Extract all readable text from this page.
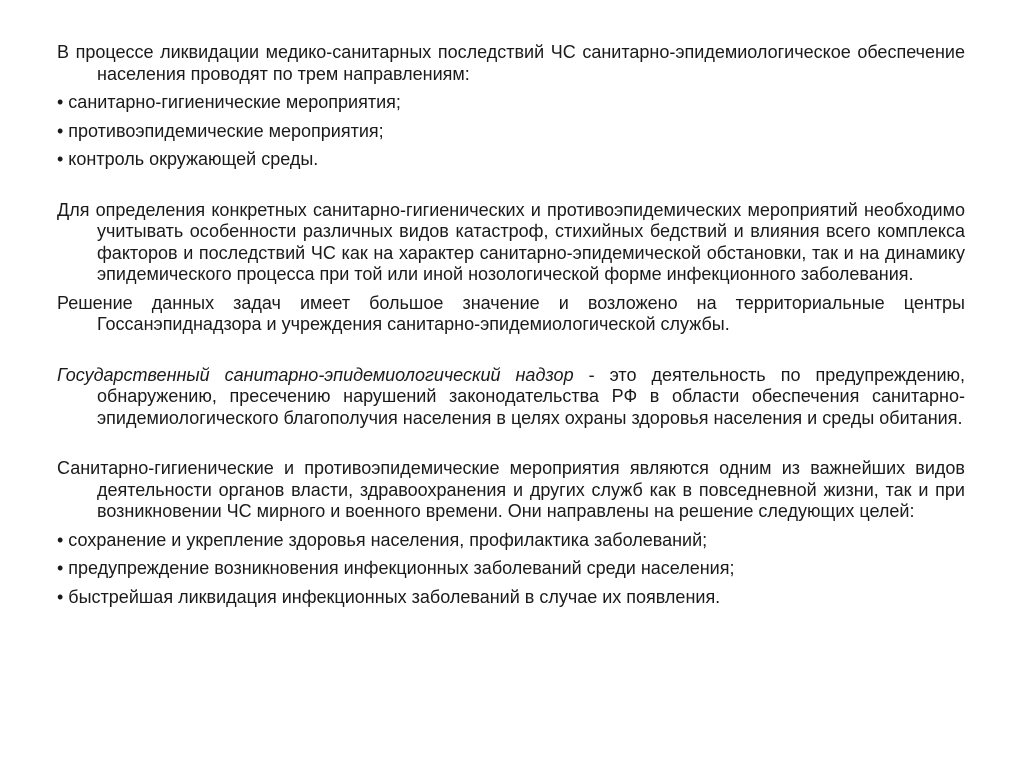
В процессе ликвидации медико-санитарных последствий ЧС санитарно-эпидемиологическое обеспечение населения проводят по трем направлениям:

• санитарно-гигиенические мероприятия;

• противоэпидемические мероприятия;

• контроль окружающей среды.

Для определения конкретных санитарно-гигиенических и противоэпидемических мероприятий необходимо учитывать особенности различных видов катастроф, стихийных бедствий и влияния всего комплекса факторов и последствий ЧС как на характер санитарно-эпидемической обстановки, так и на динамику эпидемического процесса при той или иной нозологической форме инфекционного заболевания.

Решение данных задач имеет большое значение и возложено на территориальные центры Госсанэпиднадзора и учреждения санитарно-эпидемиологической службы.

Государственный санитарно-эпидемиологический надзор - это деятельность по предупреждению, обнаружению, пресечению нарушений законодательства РФ в области обеспечения санитарно-эпидемиологического благополучия населения в целях охраны здоровья населения и среды обитания.

Санитарно-гигиенические и противоэпидемические мероприятия являются одним из важнейших видов деятельности органов власти, здравоохранения и других служб как в повседневной жизни, так и при возникновении ЧС мирного и военного времени. Они направлены на решение следующих целей:

• сохранение и укрепление здоровья населения, профилактика заболеваний;

• предупреждение возникновения инфекционных заболеваний среди населения;

• быстрейшая ликвидация инфекционных заболеваний в случае их появления.
